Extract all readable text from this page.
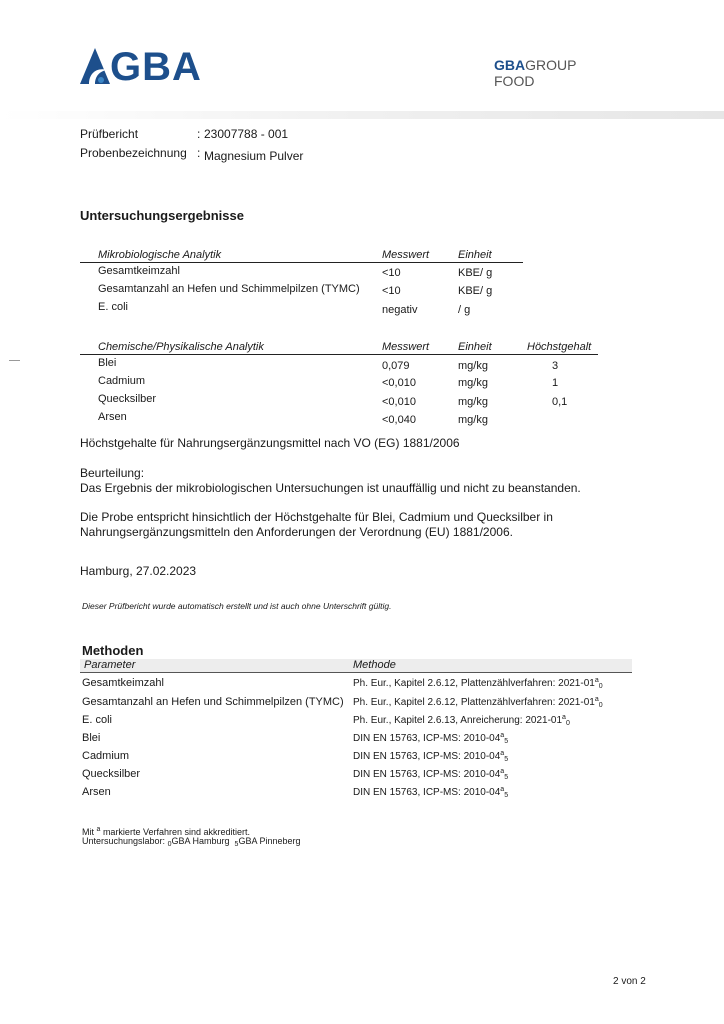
GBA	GBAGROUP
FOOD
Prüfbericht	: 23007788 - 001
Probenbezeichnung : Magnesium Pulver
Untersuchungsergebnisse
Mikrobiologische Analytik	Messwert	Einheit
Gesamtkeimzahl	<10	KBE/ g
Gesamtanzahl an Hefen und Schimmelpilzen (TYMC) <10	KBE/ g
E. coli	negativ	/ g
Chemische/Physikalische Analytik	Messwert	Einheit	Höchstgehalt
Blei	0,079	mg/kg	3
Cadmium	<0,010	mg/kg	1
Quecksilber	<0,010	mg/kg	0,1
Arsen	<0,040	mg/kg
Höchstgehalte für Nahrungsergänzungsmittel nach VO (EG) 1881/2006
Beurteilung:
Das Ergebnis der mikrobiologischen Untersuchungen ist unauffällig und nicht zu beanstanden.
Die Probe entspricht hinsichtlich der Höchstgehalte für Blei, Cadmium und Quecksilber in
Nahrungsergänzungsmitteln den Anforderungen der Verordnung (EU) 1881/2006.
Hamburg, 27.02.2023
Dieser Prüfbericht wurde automatisch erstellt und ist auch ohne Unterschrift gültig.
Methoden
Parameter	Methode
Gesamtkeimzahl	Ph. Eur., Kapitel 2.6.12, Plattenzählverfahren: $2021-01^a_0$
Gesamtanzahl an Hefen und Schimmelpilzen (TYMC) Ph. Eur., Kapitel 2.6.12, Plattenzählverfahren: $2021-01^a_0$
E. coli	Ph. Eur., Kapitel 2.6.13, Anreicherung: $2021-01^a_0$
Blei	DIN EN 15763, ICP-MS: $2010-04^a_5$
Cadmium	DIN EN 15763, ICP-MS: $2010-04^a_5$
Quecksilber	DIN EN 15763, ICP-MS: $2010-04^a_5$
Arsen	DIN EN 15763, ICP-MS: $2010-04^a_5$
Mit $^a$ markierte Verfahren sind akkreditiert.
Untersuchungslabor: $_0$GBA Hamburg $_5$GBA Pinneberg
2 von 2
